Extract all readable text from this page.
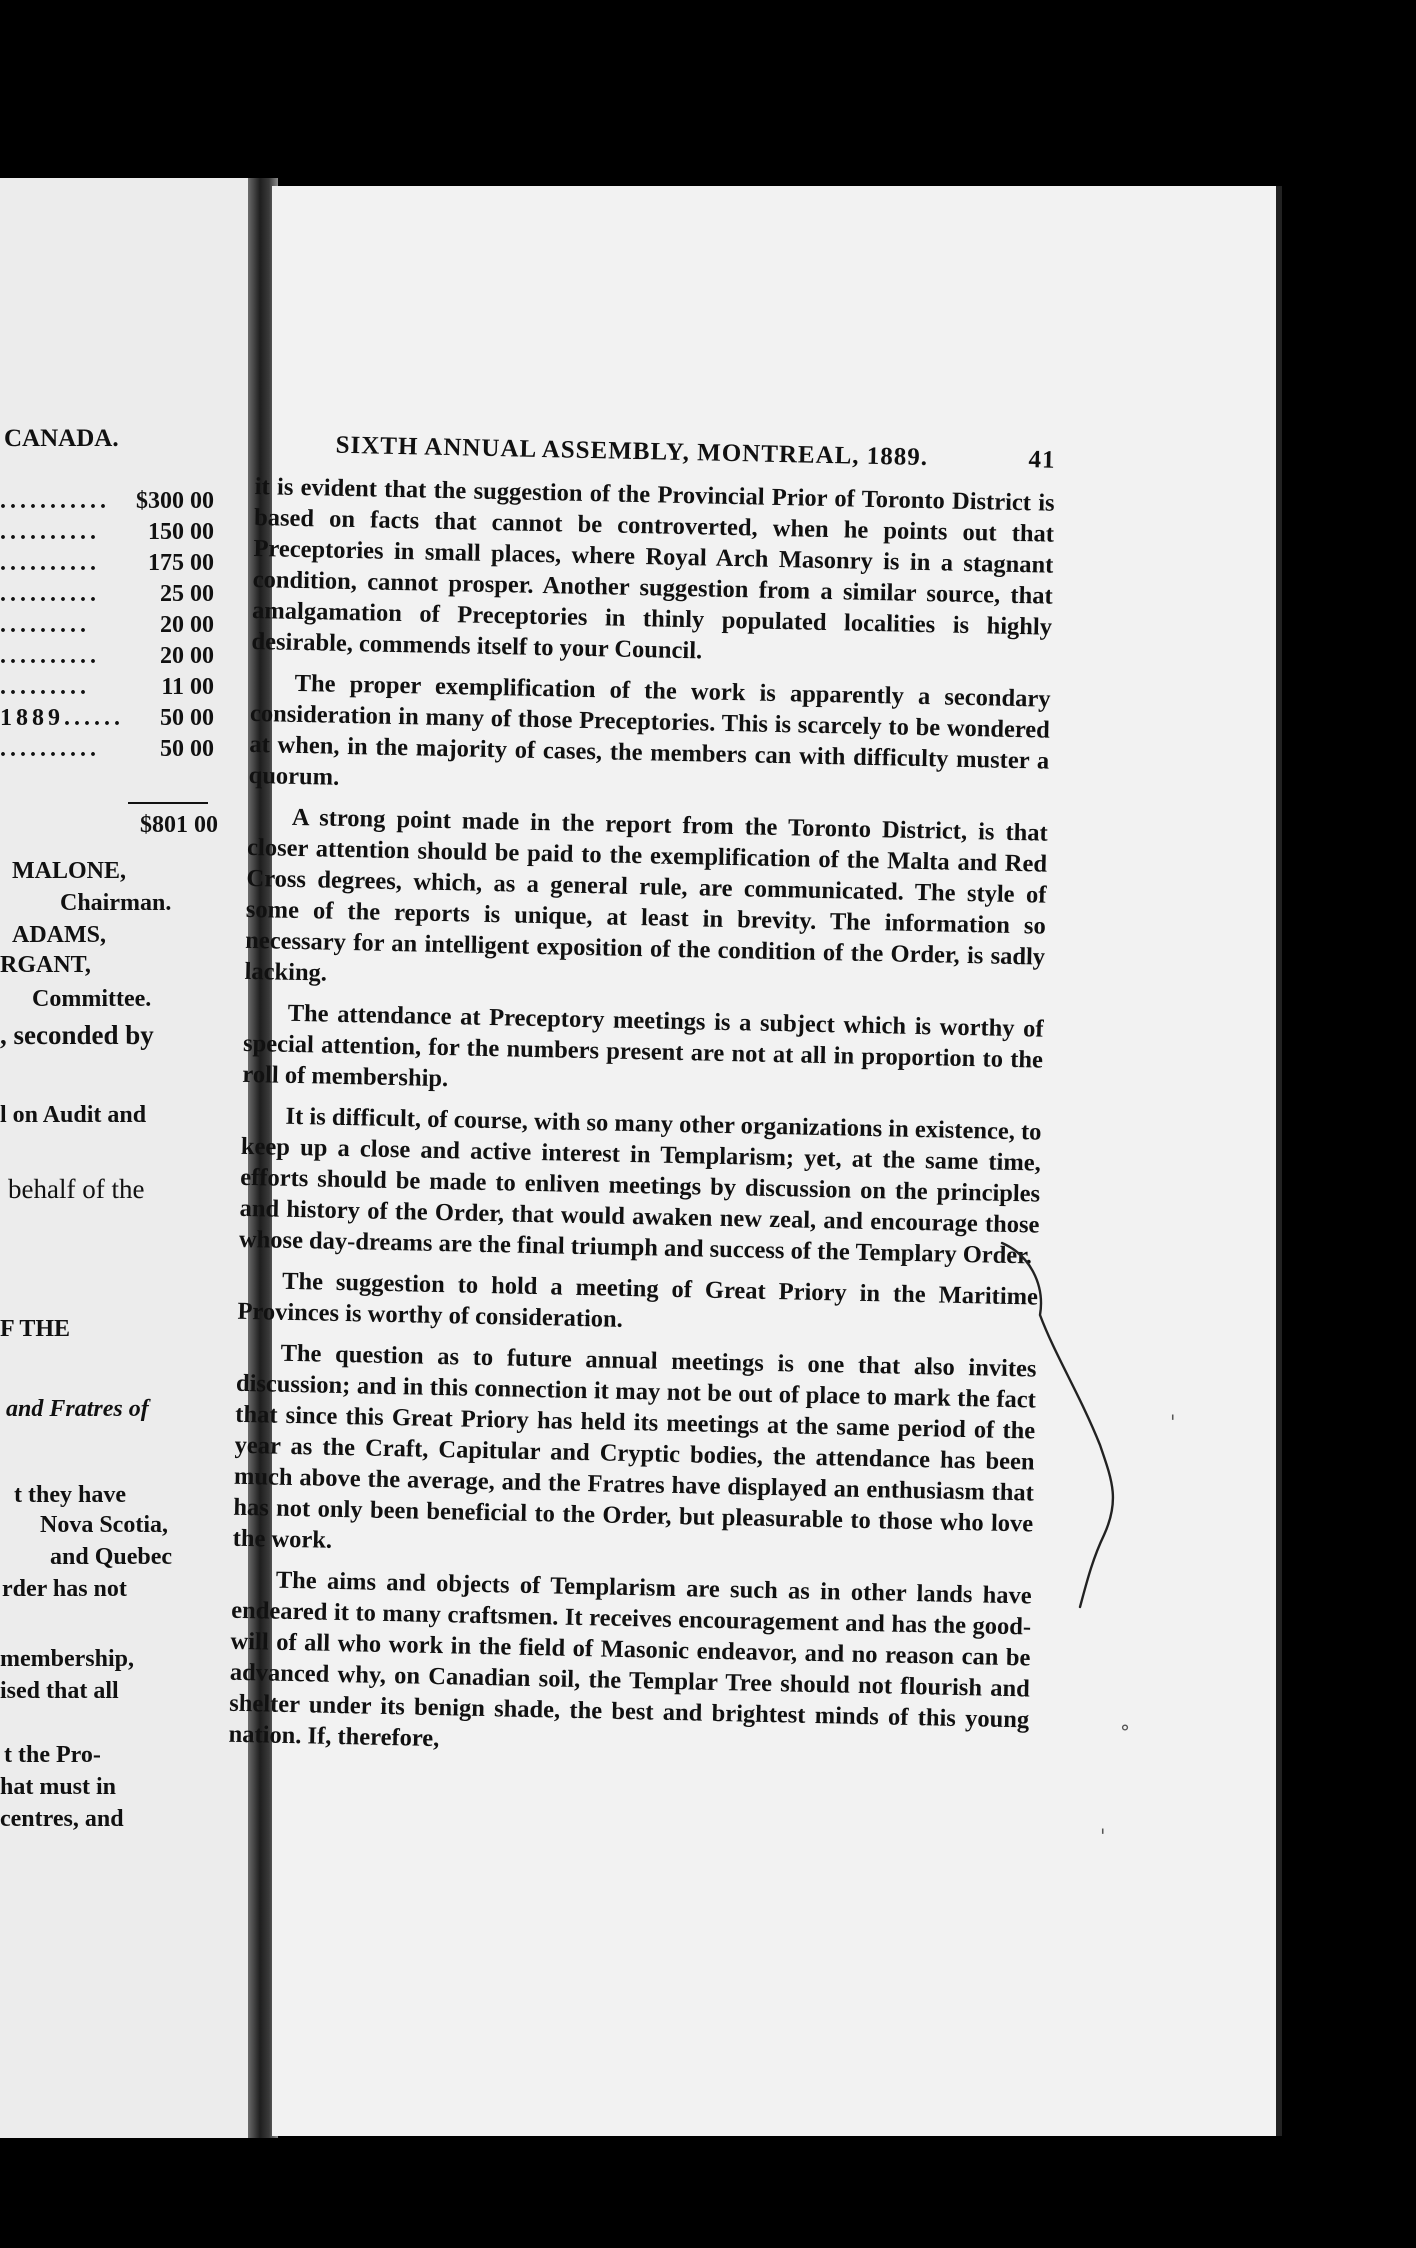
CANADA.
........... $300 00
.......... 150 00
.......... 175 00
..........	25 00
.........	20 00
..........	20 00
.........	11 00
1889...... 50 00
..........	50 00
$801 00
MALONE,
Chairman.
ADAMS,
RGANT,
Committee.
, seconded by
l on Audit and
behalf of the
F THE
and Fratres of
t they have
Nova Scotia,
and Quebec
rder has not
membership,
ised that all
t the Pro-
hat must in
centres, and
SIXTH ANNUAL ASSEMBLY, MONTREAL, 1889.	41

it is evident that the suggestion of the Provincial Prior of Toronto District is based on facts that cannot be controverted, when he points out that Preceptories in small places, where Royal Arch Masonry is in a stagnant condition, cannot prosper. Another suggestion from a similar source, that amalgamation of Preceptories in thinly populated localities is highly desirable, commends itself to your Council.

The proper exemplification of the work is apparently a secondary consideration in many of those Preceptories. This is scarcely to be wondered at when, in the majority of cases, the members can with difficulty muster a quorum.

A strong point made in the report from the Toronto District, is that closer attention should be paid to the exemplification of the Malta and Red Cross degrees, which, as a general rule, are communicated. The style of some of the reports is unique, at least in brevity. The information so necessary for an intelligent exposition of the condition of the Order, is sadly lacking.

The attendance at Preceptory meetings is a subject which is worthy of special attention, for the numbers present are not at all in proportion to the roll of membership.

It is difficult, of course, with so many other organizations in existence, to keep up a close and active interest in Templarism; yet, at the same time, efforts should be made to enliven meetings by discussion on the principles and history of the Order, that would awaken new zeal, and encourage those whose day-dreams are the final triumph and success of the Templary Order.

The suggestion to hold a meeting of Great Priory in the Maritime Provinces is worthy of consideration.

The question as to future annual meetings is one that also invites discussion; and in this connection it may not be out of place to mark the fact that since this Great Priory has held its meetings at the same period of the year as the Craft, Capitular and Cryptic bodies, the attendance has been much above the average, and the Fratres have displayed an enthusiasm that has not only been beneficial to the Order, but pleasurable to those who love the work.

The aims and objects of Templarism are such as in other lands have endeared it to many craftsmen. It receives encouragement and has the good-will of all who work in the field of Masonic endeavor, and no reason can be advanced why, on Canadian soil, the Templar Tree should not flourish and shelter under its benign shade, the best and brightest minds of this young nation. If, therefore,

'
°
'
